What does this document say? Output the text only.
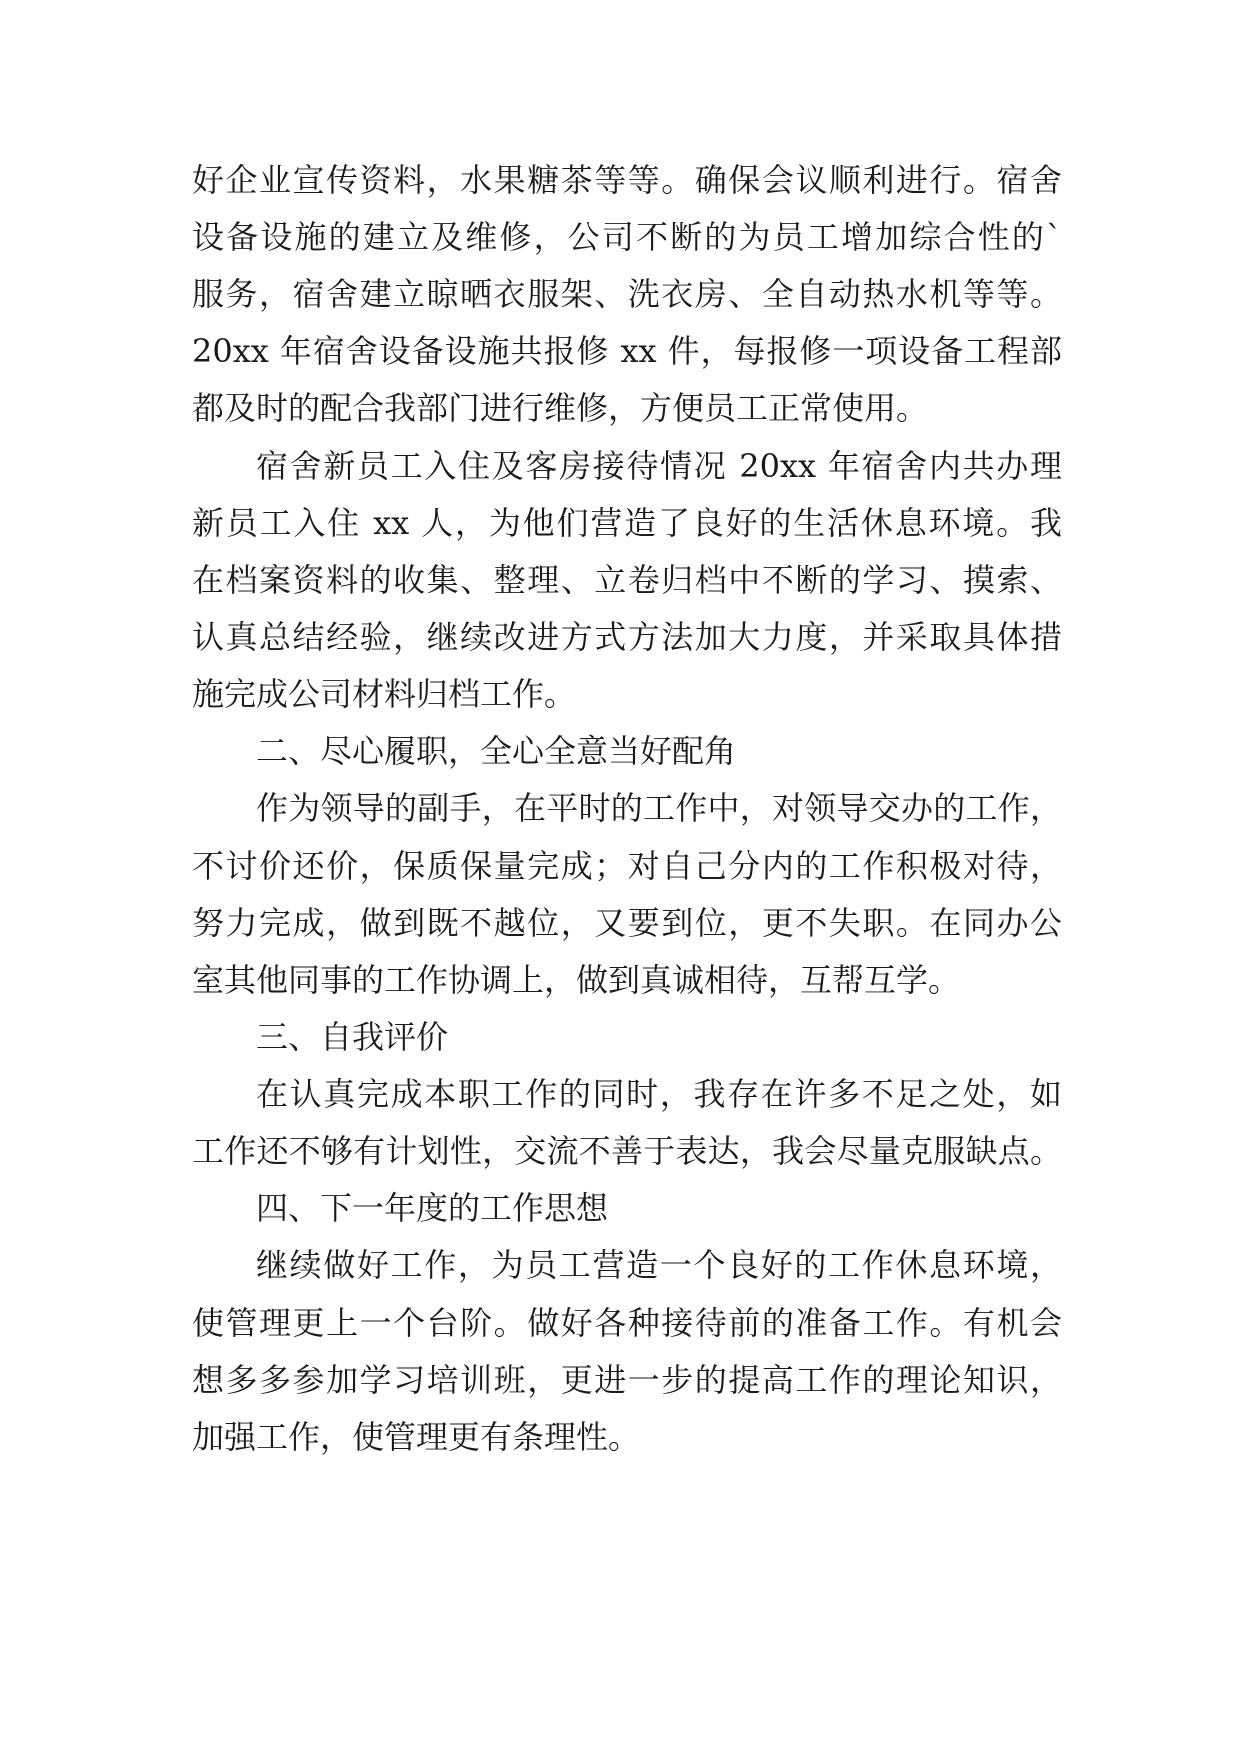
好企业宣传资料，水果糖茶等等。确保会议顺利进行。宿舍
设备设施的建立及维修，公司不断的为员工增加综合性的`
服务，宿舍建立晾晒衣服架、洗衣房、全自动热水机等等。
20xx 年宿舍设备设施共报修 xx 件，每报修一项设备工程部
都及时的配合我部门进行维修，方便员工正常使用。
宿舍新员工入住及客房接待情况 20xx 年宿舍内共办理
新员工入住 xx 人，为他们营造了良好的生活休息环境。我
在档案资料的收集、整理、立卷归档中不断的学习、摸索、
认真总结经验，继续改进方式方法加大力度，并采取具体措
施完成公司材料归档工作。
二、尽心履职，全心全意当好配角
作为领导的副手，在平时的工作中，对领导交办的工作，
不讨价还价，保质保量完成；对自己分内的工作积极对待，
努力完成，做到既不越位，又要到位，更不失职。在同办公
室其他同事的工作协调上，做到真诚相待，互帮互学。
三、自我评价
在认真完成本职工作的同时，我存在许多不足之处，如
工作还不够有计划性，交流不善于表达，我会尽量克服缺点。
四、下一年度的工作思想
继续做好工作，为员工营造一个良好的工作休息环境，
使管理更上一个台阶。做好各种接待前的准备工作。有机会
想多多参加学习培训班，更进一步的提高工作的理论知识，
加强工作，使管理更有条理性。
